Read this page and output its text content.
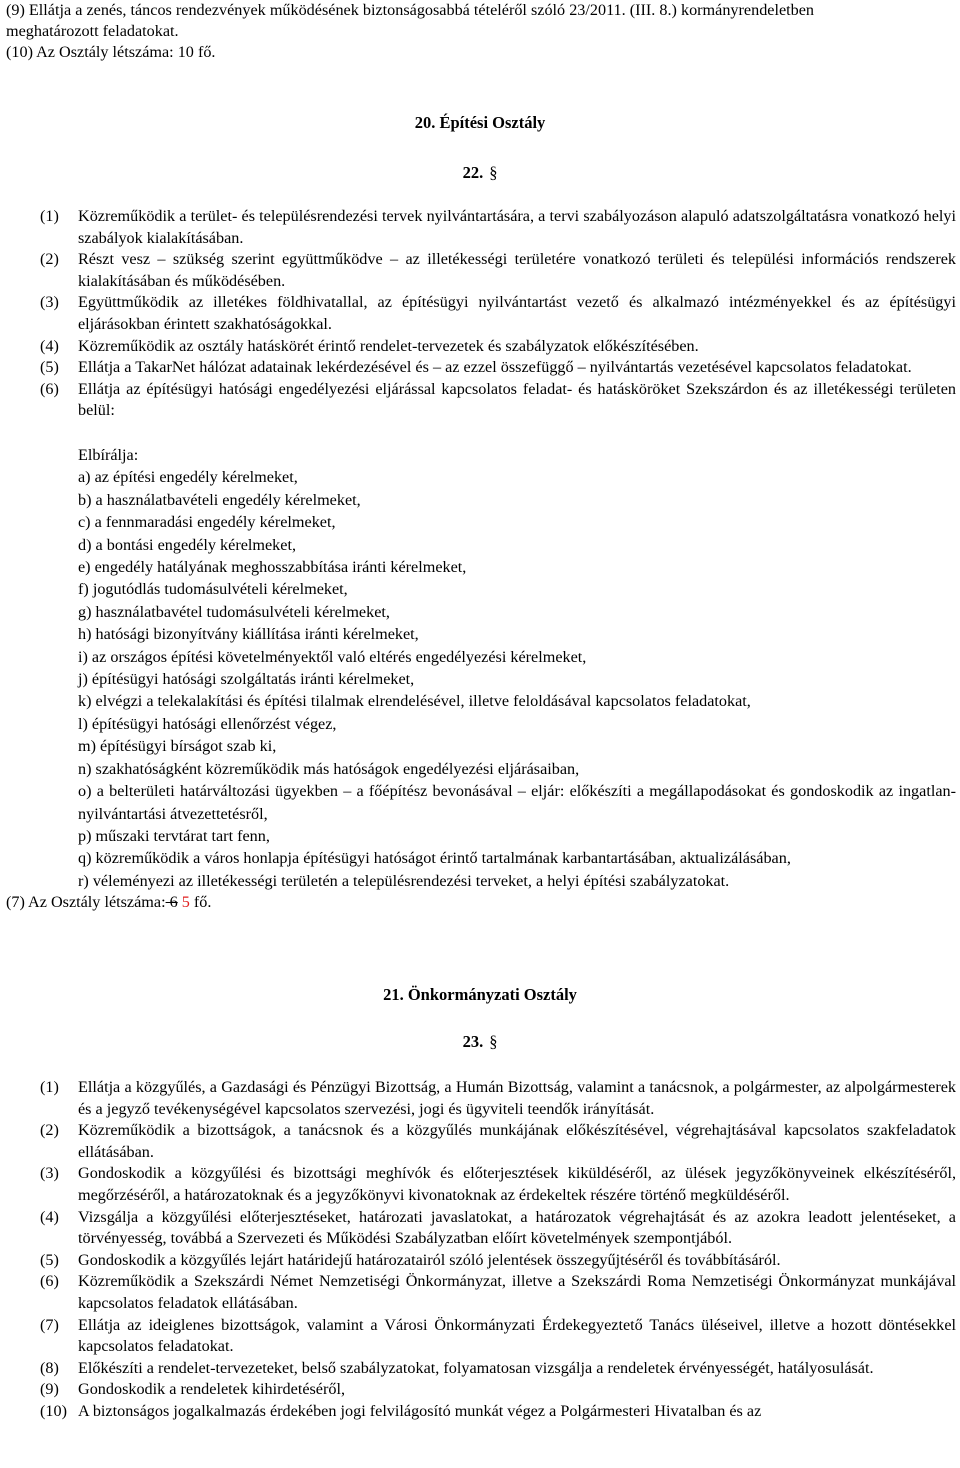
(9) Ellátja a zenés, táncos rendezvények működésének biztonságosabbá tételéről szóló 23/2011. (III. 8.) kormányrendeletben
meghatározott feladatokat.
(10) Az Osztály létszáma: 10 fő.
20. Építési Osztály
22. §
(1)	Közreműködik a terület- és településrendezési tervek nyilvántartására, a tervi szabályozáson alapuló adatszolgáltatásra vonatkozó helyi szabályok kialakításában.
(2)	Részt vesz – szükség szerint együttműködve – az illetékességi területére vonatkozó területi és települési információs rendszerek kialakításában és működésében.
(3)	Együttműködik az illetékes földhivatallal, az építésügyi nyilvántartást vezető és alkalmazó intézményekkel és az építésügyi eljárásokban érintett szakhatóságokkal.
(4)	Közreműködik az osztály hatáskörét érintő rendelet-tervezetek és szabályzatok előkészítésében.
(5)	Ellátja a TakarNet hálózat adatainak lekérdezésével és – az ezzel összefüggő – nyilvántartás vezetésével kapcsolatos feladatokat.
(6)	Ellátja az építésügyi hatósági engedélyezési eljárással kapcsolatos feladat- és hatásköröket Szekszárdon és az illetékességi területen belül:
Elbírálja:
a) az építési engedély kérelmeket,
b) a használatbavételi engedély kérelmeket,
c) a fennmaradási engedély kérelmeket,
d) a bontási engedély kérelmeket,
e) engedély hatályának meghosszabbítása iránti kérelmeket,
f) jogutódlás tudomásulvételi kérelmeket,
g) használatbavétel tudomásulvételi kérelmeket,
h) hatósági bizonyítvány kiállítása iránti kérelmeket,
i) az országos építési követelményektől való eltérés engedélyezési kérelmeket,
j) építésügyi hatósági szolgáltatás iránti kérelmeket,
k) elvégzi a telekalakítási és építési tilalmak elrendelésével, illetve feloldásával kapcsolatos feladatokat,
l) építésügyi hatósági ellenőrzést végez,
m) építésügyi bírságot szab ki,
n) szakhatóságként közreműködik más hatóságok engedélyezési eljárásaiban,
o) a belterületi határváltozási ügyekben – a főépítész bevonásával – eljár: előkészíti a megállapodásokat és gondoskodik az ingatlan-nyilvántartási átvezettetésről,
p) műszaki tervtárat tart fenn,
q) közreműködik a város honlapja építésügyi hatóságot érintő tartalmának karbantartásában, aktualizálásában,
r) véleményezi az illetékességi területén a településrendezési terveket, a helyi építési szabályzatokat.
(7) Az Osztály létszáma: 6 5 fő.
21. Önkormányzati Osztály
23. §
(1)	Ellátja a közgyűlés, a Gazdasági és Pénzügyi Bizottság, a Humán Bizottság, valamint a tanácsnok, a polgármester, az alpolgármesterek és a jegyző tevékenységével kapcsolatos szervezési, jogi és ügyviteli teendők irányítását.
(2)	Közreműködik a bizottságok, a tanácsnok és a közgyűlés munkájának előkészítésével, végrehajtásával kapcsolatos szakfeladatok ellátásában.
(3)	Gondoskodik a közgyűlési és bizottsági meghívók és előterjesztések kiküldéséről, az ülések jegyzőkönyveinek elkészítéséről, megőrzéséről, a határozatoknak és a jegyzőkönyvi kivonatoknak az érdekeltek részére történő megküldéséről.
(4)	Vizsgálja a közgyűlési előterjesztéseket, határozati javaslatokat, a határozatok végrehajtását és az azokra leadott jelentéseket, a törvényesség, továbbá a Szervezeti és Működési Szabályzatban előírt követelmények szempontjából.
(5)	Gondoskodik a közgyűlés lejárt határidejű határozatairól szóló jelentések összegyűjtéséről és továbbításáról.
(6)	Közreműködik a Szekszárdi Német Nemzetiségi Önkormányzat, illetve a Szekszárdi Roma Nemzetiségi Önkormányzat munkájával kapcsolatos feladatok ellátásában.
(7)	Ellátja az ideiglenes bizottságok, valamint a Városi Önkormányzati Érdekegyeztető Tanács üléseivel, illetve a hozott döntésekkel kapcsolatos feladatokat.
(8)	Előkészíti a rendelet-tervezeteket, belső szabályzatokat, folyamatosan vizsgálja a rendeletek érvényességét, hatályosulását.
(9)	Gondoskodik a rendeletek kihirdetéséről,
(10) A biztonságos jogalkalmazás érdekében jogi felvilágosító munkát végez a Polgármesteri Hivatalban és az
